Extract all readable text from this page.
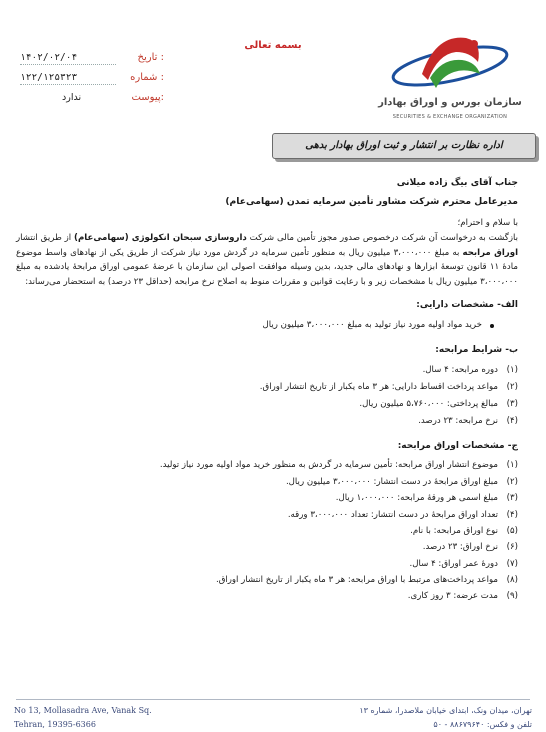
بسمه تعالی
۱۴۰۲/۰۲/۰۴	تاریخ :
۱۲۲/۱۲۵۳۲۳	شماره :
ندارد	پیوست:	سازمان بورس و اوراق بهادار
SECURITIES & EXCHANGE ORGANIZATION
اداره نظارت بر انتشار و ثبت اوراق بهادار بدهی
جناب آقای بیگ زاده میلانی
مدیرعامل محترم شرکت مشاور تأمین سرمایه تمدن (سهامی‌عام)
با سلام و احترام؛
بازگشت به درخواست آن شرکت درخصوص صدور مجوز تأمین مالی شرکت داروسازی سبحان انکولوژی (سهامی‌عام) از طریق انتشار اوراق مرابحه به مبلغ ۳،۰۰۰،۰۰۰ میلیون ریال به منظور تأمین سرمایه در گردش مورد نیاز شرکت از طریق یکی از نهادهای واسط موضوع مادهٔ ۱۱ قانون توسعهٔ ابزارها و نهادهای مالی جدید، بدین وسیله موافقت اصولی این سازمان با عرضهٔ عمومی اوراق مرابحهٔ یادشده به مبلغ ۳،۰۰۰،۰۰۰ میلیون ریال با مشخصات زیر و با رعایت قوانین و مقررات منوط به اصلاح نرخ مرابحه (حداقل ۲۳ درصد) به استحضار می‌رساند:
الف- مشخصات دارایی:
خرید مواد اولیه مورد نیاز تولید به مبلغ ۳،۰۰۰،۰۰۰ میلیون ریال
ب- شرایط مرابحه:
(۱)
دوره مرابحه: ۴ سال.
(۲)
مواعد پرداخت اقساط دارایی: هر ۳ ماه یکبار از تاریخ انتشار اوراق.
(۳)
مبالغ پرداختی: ۵،۷۶۰،۰۰۰ میلیون ریال.
(۴)
نرخ مرابحه: ۲۳ درصد.
ج- مشخصات اوراق مرابحه:
(۱)
موضوع انتشار اوراق مرابحه: تأمین سرمایه در گردش به منظور خرید مواد اولیه مورد نیاز تولید.
(۲)
مبلغ اوراق مرابحهٔ در دست انتشار: ۳،۰۰۰،۰۰۰ میلیون ریال.
(۳)
مبلغ اسمی هر ورقهٔ مرابحه: ۱،۰۰۰،۰۰۰ ریال.
(۴)
تعداد اوراق مرابحهٔ در دست انتشار: تعداد ۳،۰۰۰،۰۰۰ ورقه.
(۵)
نوع اوراق مرابحه: با نام.
(۶)
نرخ اوراق: ۲۳ درصد.
(۷)
دورهٔ عمر اوراق: ۴ سال.
(۸)
مواعد پرداخت‌های مرتبط با اوراق مرابحه: هر ۳ ماه یکبار از تاریخ انتشار اوراق.
(۹)
مدت عرضه: ۳ روز کاری.
No 13, Mollasadra Ave, Vanak Sq.
Tehran, 19395-6366
تهران، میدان ونک، ابتدای خیابان ملاصدرا، شماره ۱۳
تلفن و فکس: ۸۸۶۷۹۶۴۰ - ۵۰
